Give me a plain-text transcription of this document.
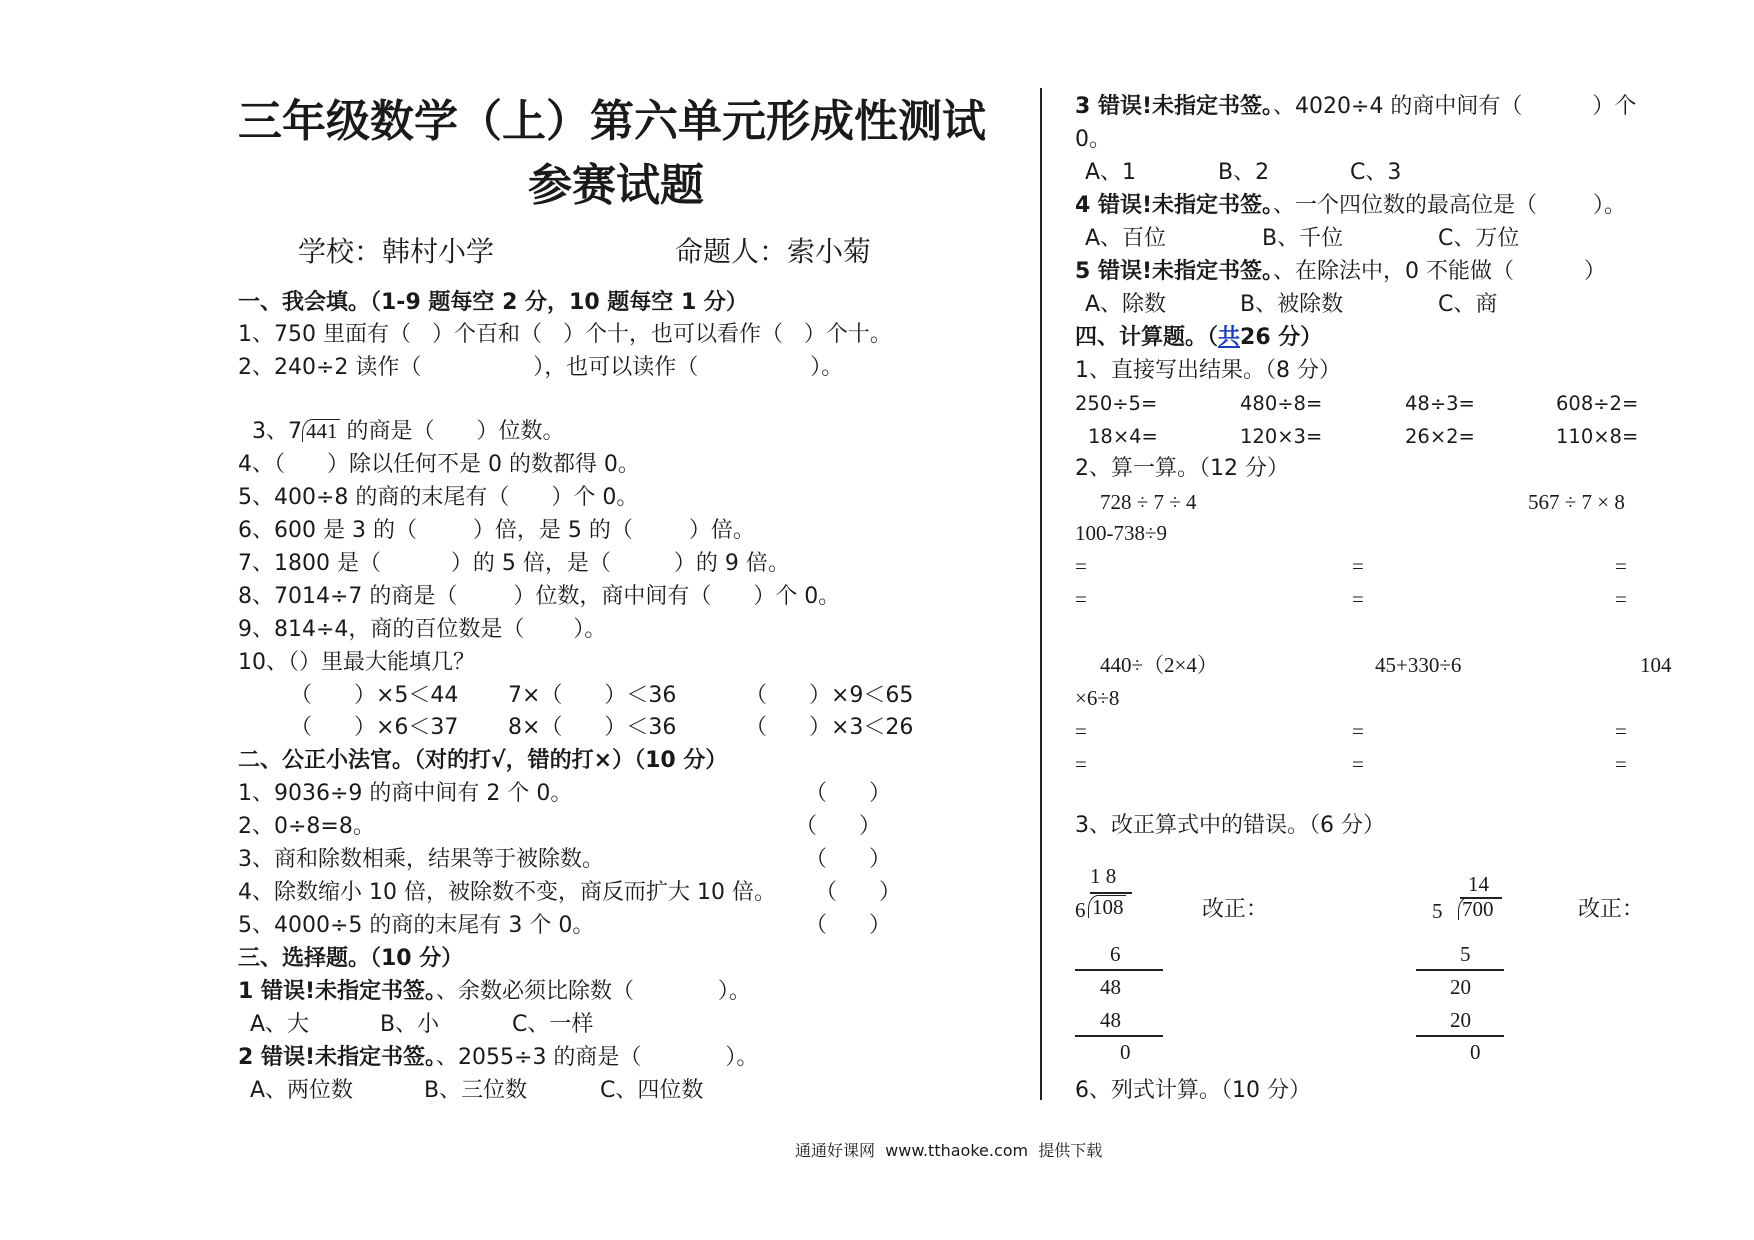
三年级数学（上）第六单元形成性测试
参赛试题
学校：韩村小学	命题人：索小菊
一、我会填。（1-9 题每空 2 分，10 题每空 1 分）
1、750 里面有（   ）个百和（   ）个十，也可以看作（   ）个十。
2、240÷2 读作（                ），也可以读作（                ）。

3、7 441 的商是（      ）位数。

4、（      ）除以任何不是 0 的数都得 0。
5、400÷8 的商的末尾有（      ）个 0。
6、600 是 3 的（        ）倍，是 5 的（        ）倍。
7、1800 是（          ）的 5 倍，是（         ）的 9 倍。
8、7014÷7 的商是（        ）位数，商中间有（      ）个 0。
9、814÷4，商的百位数是（       ）。
10、（）里最大能填几？
（      ）×5＜44 7×（      ）＜36	（      ）×9＜65
（      ）×6＜37 8×（      ）＜36	（      ）×3＜26
二、公正小法官。（对的打√，错的打×）（10 分）
1、9036÷9 的商中间有 2 个 0。	（      ）
2、0÷8=8。	（      ）
3、商和除数相乘，结果等于被除数。	（      ）
4、除数缩小 10 倍，被除数不变，商反而扩大 10 倍。 （      ）
5、4000÷5 的商的末尾有 3 个 0。	（      ）
三、选择题。（10 分）
1 错误!未指定书签。、余数必须比除数（            ）。
A、大	B、小	C、一样
2 错误!未指定书签。、2055÷3 的商是（            ）。
A、两位数	B、三位数	C、四位数
3 错误!未指定书签。、4020÷4 的商中间有（          ）个
0。
A、1	B、2	C、3
4 错误!未指定书签。、一个四位数的最高位是（        ）。
A、百位	B、千位	C、万位
5 错误!未指定书签。、在除法中，0 不能做（          ）
A、除数	B、被除数	C、商
四、计算题。（共26 分）
1、直接写出结果。（8 分）
250÷5=	480÷8=	48÷3=	608÷2=
18×4=	120×3=	26×2=	110×8=
2、算一算。（12 分）
728 ÷ 7 ÷ 4	567 ÷ 7 × 8
100-738÷9
=	=	=
=	=	=
440÷（2×4）	45+330÷6	104
×6÷8
=	=	=
=	=	=
3、改正算式中的错误。（6 分）
1 8
6 108	改正：
6
48
48
0
14
5 700	改正：
5
20
20
0
6、列式计算。（10 分）
通通好课网  www.tthaoke.com  提供下载
